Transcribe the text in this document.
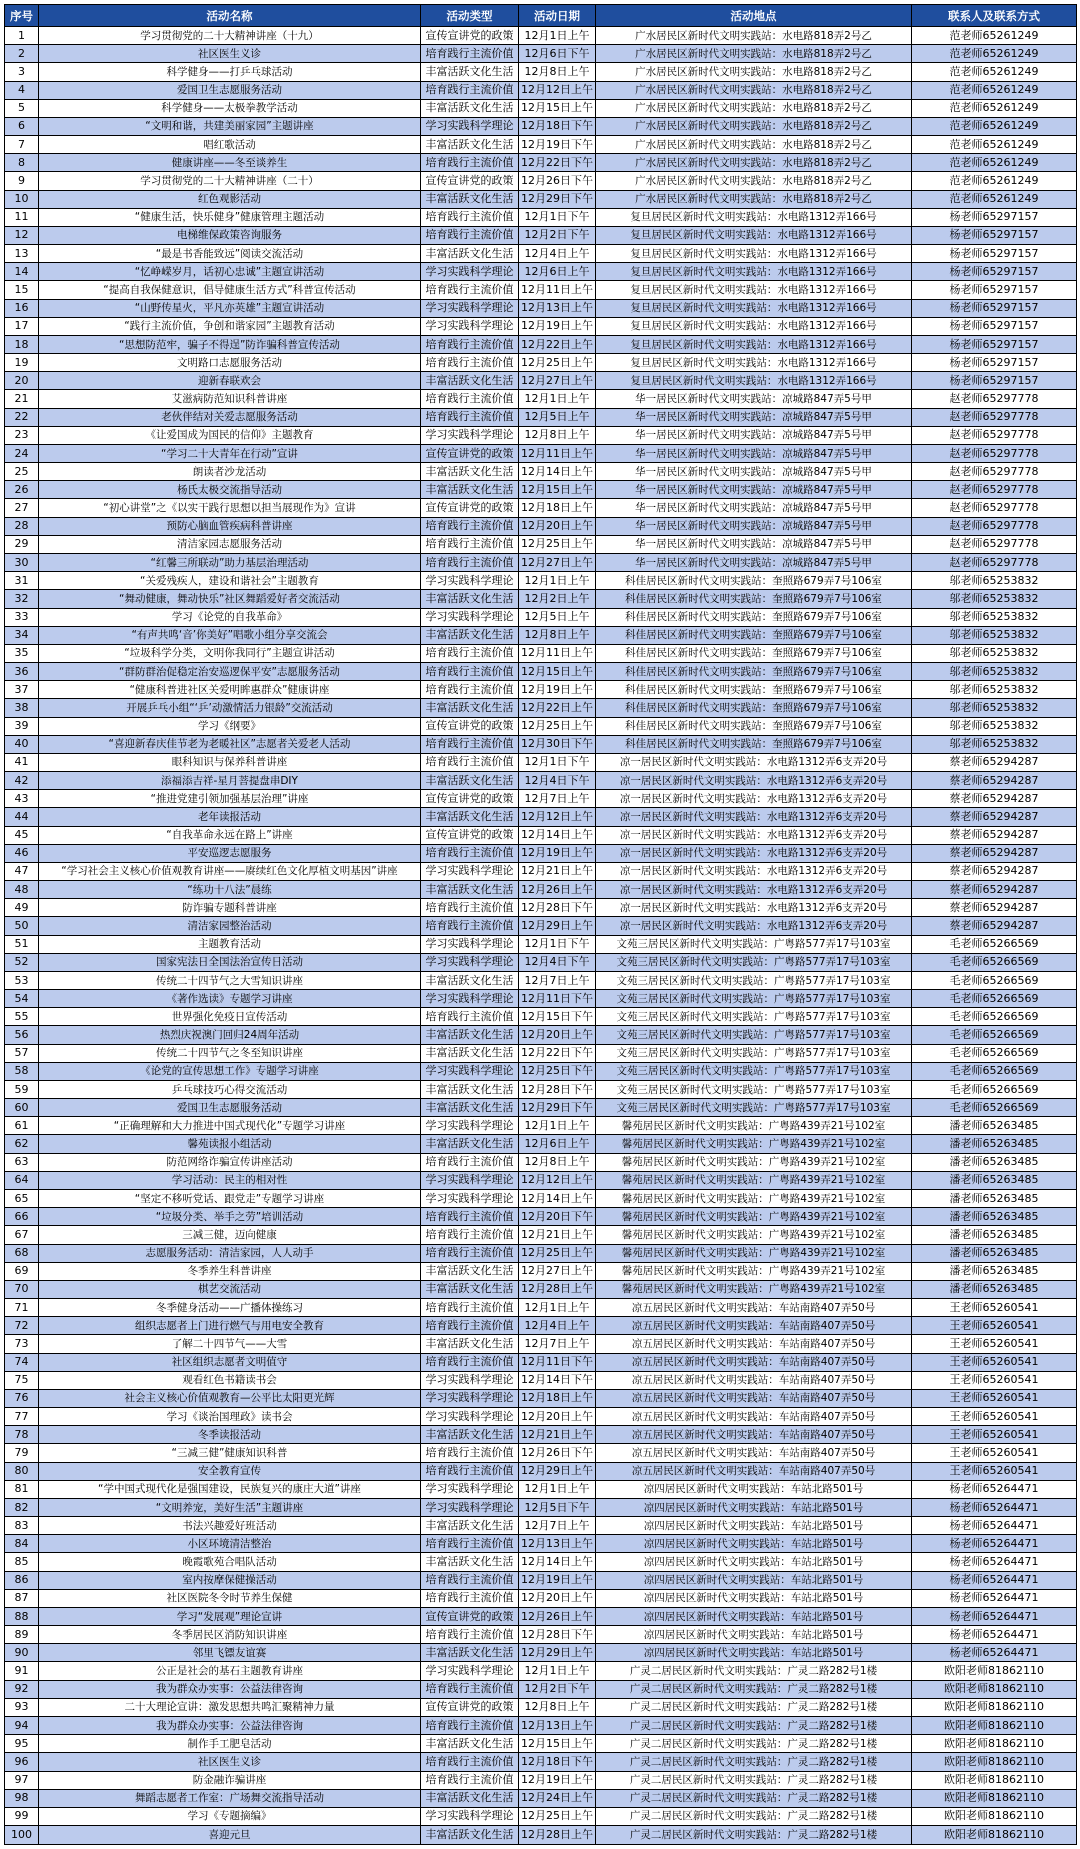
序号	活动名称	活动类型	活动日期	活动地点	联系人及联系方式
1	学习贯彻党的二十大精神讲座（十九）	宣传宣讲党的政策	12月1日上午	广水居民区新时代文明实践站：水电路818弄2号乙	范老师65261249
2	社区医生义诊	培育践行主流价值	12月6日下午	广水居民区新时代文明实践站：水电路818弄2号乙	范老师65261249
3	科学健身——打乒乓球活动	丰富活跃文化生活	12月8日上午	广水居民区新时代文明实践站：水电路818弄2号乙	范老师65261249
4	爱国卫生志愿服务活动	培育践行主流价值	12月12日上午	广水居民区新时代文明实践站：水电路818弄2号乙	范老师65261249
5	科学健身——太极拳教学活动	丰富活跃文化生活	12月15日上午	广水居民区新时代文明实践站：水电路818弄2号乙	范老师65261249
6	“文明和谐，共建美丽家园”主题讲座	学习实践科学理论	12月18日下午	广水居民区新时代文明实践站：水电路818弄2号乙	范老师65261249
7	唱红歌活动	丰富活跃文化生活	12月19日下午	广水居民区新时代文明实践站：水电路818弄2号乙	范老师65261249
8	健康讲座——冬至谈养生	培育践行主流价值	12月22日下午	广水居民区新时代文明实践站：水电路818弄2号乙	范老师65261249
9	学习贯彻党的二十大精神讲座（二十）	宣传宣讲党的政策	12月26日下午	广水居民区新时代文明实践站：水电路818弄2号乙	范老师65261249
10	红色观影活动	丰富活跃文化生活	12月29日下午	广水居民区新时代文明实践站：水电路818弄2号乙	范老师65261249
11	“健康生活，快乐健身”健康管理主题活动	培育践行主流价值	12月1日下午	复旦居民区新时代文明实践站：水电路1312弄166号	杨老师65297157
12	电梯维保政策咨询服务	培育践行主流价值	12月2日下午	复旦居民区新时代文明实践站：水电路1312弄166号	杨老师65297157
13	“最是书香能致远”阅读交流活动	丰富活跃文化生活	12月4日上午	复旦居民区新时代文明实践站：水电路1312弄166号	杨老师65297157
14	“忆峥嵘岁月，话初心忠诚”主题宣讲活动	学习实践科学理论	12月6日上午	复旦居民区新时代文明实践站：水电路1312弄166号	杨老师65297157
15	“提高自我保健意识，倡导健康生活方式”科普宣传活动	培育践行主流价值	12月11日上午	复旦居民区新时代文明实践站：水电路1312弄166号	杨老师65297157
16	“山野传星火，平凡亦英雄”主题宣讲活动	学习实践科学理论	12月13日上午	复旦居民区新时代文明实践站：水电路1312弄166号	杨老师65297157
17	“践行主流价值，争创和谐家园”主题教育活动	学习实践科学理论	12月19日上午	复旦居民区新时代文明实践站：水电路1312弄166号	杨老师65297157
18	“思想防范牢，骗子不得逞”防诈骗科普宣传活动	培育践行主流价值	12月22日上午	复旦居民区新时代文明实践站：水电路1312弄166号	杨老师65297157
19	文明路口志愿服务活动	培育践行主流价值	12月25日上午	复旦居民区新时代文明实践站：水电路1312弄166号	杨老师65297157
20	迎新春联欢会	丰富活跃文化生活	12月27日上午	复旦居民区新时代文明实践站：水电路1312弄166号	杨老师65297157
21	艾滋病防范知识科普讲座	培育践行主流价值	12月1日上午	华一居民区新时代文明实践站：凉城路847弄5号甲	赵老师65297778
22	老伙伴结对关爱志愿服务活动	培育践行主流价值	12月5日上午	华一居民区新时代文明实践站：凉城路847弄5号甲	赵老师65297778
23	《让爱国成为国民的信仰》主题教育	学习实践科学理论	12月8日上午	华一居民区新时代文明实践站：凉城路847弄5号甲	赵老师65297778
24	“学习二十大青年在行动”宣讲	宣传宣讲党的政策	12月11日上午	华一居民区新时代文明实践站：凉城路847弄5号甲	赵老师65297778
25	朗读者沙龙活动	丰富活跃文化生活	12月14日上午	华一居民区新时代文明实践站：凉城路847弄5号甲	赵老师65297778
26	杨氏太极交流指导活动	丰富活跃文化生活	12月15日上午	华一居民区新时代文明实践站：凉城路847弄5号甲	赵老师65297778
27	“初心讲堂”之《以实干践行思想以担当展现作为》宣讲	宣传宣讲党的政策	12月18日上午	华一居民区新时代文明实践站：凉城路847弄5号甲	赵老师65297778
28	预防心脑血管疾病科普讲座	培育践行主流价值	12月20日上午	华一居民区新时代文明实践站：凉城路847弄5号甲	赵老师65297778
29	清洁家园志愿服务活动	培育践行主流价值	12月25日上午	华一居民区新时代文明实践站：凉城路847弄5号甲	赵老师65297778
30	“红馨三所联动”助力基层治理活动	培育践行主流价值	12月27日上午	华一居民区新时代文明实践站：凉城路847弄5号甲	赵老师65297778
31	“关爱残疾人，建设和谐社会”主题教育	学习实践科学理论	12月1日上午	科佳居民区新时代文明实践站：奎照路679弄7号106室	邬老师65253832
32	“舞动健康，舞动快乐”社区舞蹈爱好者交流活动	丰富活跃文化生活	12月2日上午	科佳居民区新时代文明实践站：奎照路679弄7号106室	邬老师65253832
33	学习《论党的自我革命》	学习实践科学理论	12月5日上午	科佳居民区新时代文明实践站：奎照路679弄7号106室	邬老师65253832
34	“有声共鸣‘音’你美好”唱歌小组分享交流会	丰富活跃文化生活	12月8日上午	科佳居民区新时代文明实践站：奎照路679弄7号106室	邬老师65253832
35	“垃圾科学分类，文明你我同行”主题宣讲活动	培育践行主流价值	12月11日上午	科佳居民区新时代文明实践站：奎照路679弄7号106室	邬老师65253832
36	“群防群治促稳定治安巡逻保平安”志愿服务活动	培育践行主流价值	12月15日上午	科佳居民区新时代文明实践站：奎照路679弄7号106室	邬老师65253832
37	“健康科普进社区关爱明眸惠群众”健康讲座	培育践行主流价值	12月19日上午	科佳居民区新时代文明实践站：奎照路679弄7号106室	邬老师65253832
38	开展乒乓小组“‘乒’动激情活力银龄”交流活动	丰富活跃文化生活	12月22日上午	科佳居民区新时代文明实践站：奎照路679弄7号106室	邬老师65253832
39	学习《纲要》	宣传宣讲党的政策	12月25日上午	科佳居民区新时代文明实践站：奎照路679弄7号106室	邬老师65253832
40	“喜迎新春庆佳节老为老暖社区”志愿者关爱老人活动	培育践行主流价值	12月30日下午	科佳居民区新时代文明实践站：奎照路679弄7号106室	邬老师65253832
41	眼科知识与保养科普讲座	培育践行主流价值	12月1日下午	凉一居民区新时代文明实践站：水电路1312弄6支弄20号	蔡老师65294287
42	添福添吉祥-星月菩提盘串DIY	丰富活跃文化生活	12月4日下午	凉一居民区新时代文明实践站：水电路1312弄6支弄20号	蔡老师65294287
43	“推进党建引领加强基层治理”讲座	宣传宣讲党的政策	12月7日上午	凉一居民区新时代文明实践站：水电路1312弄6支弄20号	蔡老师65294287
44	老年读报活动	丰富活跃文化生活	12月12日上午	凉一居民区新时代文明实践站：水电路1312弄6支弄20号	蔡老师65294287
45	“自我革命永远在路上”讲座	宣传宣讲党的政策	12月14日上午	凉一居民区新时代文明实践站：水电路1312弄6支弄20号	蔡老师65294287
46	平安巡逻志愿服务	培育践行主流价值	12月19日上午	凉一居民区新时代文明实践站：水电路1312弄6支弄20号	蔡老师65294287
47	“学习社会主义核心价值观教育讲座——赓续红色文化厚植文明基因”讲座	学习实践科学理论	12月21日上午	凉一居民区新时代文明实践站：水电路1312弄6支弄20号	蔡老师65294287
48	“练功十八法”晨练	丰富活跃文化生活	12月26日上午	凉一居民区新时代文明实践站：水电路1312弄6支弄20号	蔡老师65294287
49	防诈骗专题科普讲座	培育践行主流价值	12月28日下午	凉一居民区新时代文明实践站：水电路1312弄6支弄20号	蔡老师65294287
50	清洁家园整治活动	培育践行主流价值	12月29日上午	凉一居民区新时代文明实践站：水电路1312弄6支弄20号	蔡老师65294287
51	主题教育活动	学习实践科学理论	12月1日下午	文苑三居民区新时代文明实践站：广粤路577弄17号103室	毛老师65266569
52	国家宪法日全国法治宣传日活动	学习实践科学理论	12月4日下午	文苑三居民区新时代文明实践站：广粤路577弄17号103室	毛老师65266569
53	传统二十四节气之大雪知识讲座	丰富活跃文化生活	12月7日上午	文苑三居民区新时代文明实践站：广粤路577弄17号103室	毛老师65266569
54	《著作选读》专题学习讲座	学习实践科学理论	12月11日下午	文苑三居民区新时代文明实践站：广粤路577弄17号103室	毛老师65266569
55	世界强化免疫日宣传活动	培育践行主流价值	12月15日下午	文苑三居民区新时代文明实践站：广粤路577弄17号103室	毛老师65266569
56	热烈庆祝澳门回归24周年活动	丰富活跃文化生活	12月20日上午	文苑三居民区新时代文明实践站：广粤路577弄17号103室	毛老师65266569
57	传统二十四节气之冬至知识讲座	丰富活跃文化生活	12月22日下午	文苑三居民区新时代文明实践站：广粤路577弄17号103室	毛老师65266569
58	《论党的宣传思想工作》专题学习讲座	学习实践科学理论	12月25日下午	文苑三居民区新时代文明实践站：广粤路577弄17号103室	毛老师65266569
59	乒乓球技巧心得交流活动	丰富活跃文化生活	12月28日下午	文苑三居民区新时代文明实践站：广粤路577弄17号103室	毛老师65266569
60	爱国卫生志愿服务活动	丰富活跃文化生活	12月29日下午	文苑三居民区新时代文明实践站：广粤路577弄17号103室	毛老师65266569
61	“正确理解和大力推进中国式现代化”专题学习讲座	学习实践科学理论	12月1日上午	馨苑居民区新时代文明实践站：广粤路439弄21号102室	潘老师65263485
62	馨苑读报小组活动	丰富活跃文化生活	12月6日上午	馨苑居民区新时代文明实践站：广粤路439弄21号102室	潘老师65263485
63	防范网络诈骗宣传讲座活动	培育践行主流价值	12月8日上午	馨苑居民区新时代文明实践站：广粤路439弄21号102室	潘老师65263485
64	学习活动：民主的相对性	学习实践科学理论	12月12日上午	馨苑居民区新时代文明实践站：广粤路439弄21号102室	潘老师65263485
65	“坚定不移听党话、跟党走”专题学习讲座	学习实践科学理论	12月14日上午	馨苑居民区新时代文明实践站：广粤路439弄21号102室	潘老师65263485
66	“垃圾分类、举手之劳”培训活动	培育践行主流价值	12月20日下午	馨苑居民区新时代文明实践站：广粤路439弄21号102室	潘老师65263485
67	三减三健，迈向健康	培育践行主流价值	12月21日上午	馨苑居民区新时代文明实践站：广粤路439弄21号102室	潘老师65263485
68	志愿服务活动：清洁家园，人人动手	培育践行主流价值	12月25日上午	馨苑居民区新时代文明实践站：广粤路439弄21号102室	潘老师65263485
69	冬季养生科普讲座	丰富活跃文化生活	12月27日上午	馨苑居民区新时代文明实践站：广粤路439弄21号102室	潘老师65263485
70	棋艺交流活动	丰富活跃文化生活	12月28日上午	馨苑居民区新时代文明实践站：广粤路439弄21号102室	潘老师65263485
71	冬季健身活动——广播体操练习	培育践行主流价值	12月1日上午	凉五居民区新时代文明实践站：车站南路407弄50号	王老师65260541
72	组织志愿者上门进行燃气与用电安全教育	培育践行主流价值	12月4日上午	凉五居民区新时代文明实践站：车站南路407弄50号	王老师65260541
73	了解二十四节气——大雪	丰富活跃文化生活	12月7日上午	凉五居民区新时代文明实践站：车站南路407弄50号	王老师65260541
74	社区组织志愿者文明值守	培育践行主流价值	12月11日下午	凉五居民区新时代文明实践站：车站南路407弄50号	王老师65260541
75	观看红色书籍读书会	学习实践科学理论	12月14日下午	凉五居民区新时代文明实践站：车站南路407弄50号	王老师65260541
76	社会主义核心价值观教育—公平比太阳更光辉	学习实践科学理论	12月18日上午	凉五居民区新时代文明实践站：车站南路407弄50号	王老师65260541
77	学习《谈治国理政》读书会	学习实践科学理论	12月20日上午	凉五居民区新时代文明实践站：车站南路407弄50号	王老师65260541
78	冬季读报活动	丰富活跃文化生活	12月21日上午	凉五居民区新时代文明实践站：车站南路407弄50号	王老师65260541
79	“三减三健”健康知识科普	培育践行主流价值	12月26日下午	凉五居民区新时代文明实践站：车站南路407弄50号	王老师65260541
80	安全教育宣传	培育践行主流价值	12月29日上午	凉五居民区新时代文明实践站：车站南路407弄50号	王老师65260541
81	“学中国式现代化是强国建设，民族复兴的康庄大道”讲座	学习实践科学理论	12月1日上午	凉四居民区新时代文明实践站：车站北路501号	杨老师65264471
82	“文明养宠，美好生活”主题讲座	学习实践科学理论	12月5日下午	凉四居民区新时代文明实践站：车站北路501号	杨老师65264471
83	书法兴趣爱好班活动	丰富活跃文化生活	12月7日上午	凉四居民区新时代文明实践站：车站北路501号	杨老师65264471
84	小区环境清洁整治	培育践行主流价值	12月13日上午	凉四居民区新时代文明实践站：车站北路501号	杨老师65264471
85	晚霞歌苑合唱队活动	丰富活跃文化生活	12月14日上午	凉四居民区新时代文明实践站：车站北路501号	杨老师65264471
86	室内按摩保健操活动	培育践行主流价值	12月19日上午	凉四居民区新时代文明实践站：车站北路501号	杨老师65264471
87	社区医院冬令时节养生保健	培育践行主流价值	12月20日上午	凉四居民区新时代文明实践站：车站北路501号	杨老师65264471
88	学习“发展观”理论宣讲	宣传宣讲党的政策	12月26日上午	凉四居民区新时代文明实践站：车站北路501号	杨老师65264471
89	冬季居民区消防知识讲座	培育践行主流价值	12月28日下午	凉四居民区新时代文明实践站：车站北路501号	杨老师65264471
90	邻里飞镖友谊赛	丰富活跃文化生活	12月29日上午	凉四居民区新时代文明实践站：车站北路501号	杨老师65264471
91	公正是社会的基石主题教育讲座	学习实践科学理论	12月1日上午	广灵二居民区新时代文明实践站：广灵二路282号1楼	欧阳老师81862110
92	我为群众办实事：公益法律咨询	培育践行主流价值	12月2日下午	广灵二居民区新时代文明实践站：广灵二路282号1楼	欧阳老师81862110
93	二十大理论宣讲：激发思想共鸣汇聚精神力量	宣传宣讲党的政策	12月8日上午	广灵二居民区新时代文明实践站：广灵二路282号1楼	欧阳老师81862110
94	我为群众办实事：公益法律咨询	培育践行主流价值	12月13日上午	广灵二居民区新时代文明实践站：广灵二路282号1楼	欧阳老师81862110
95	制作手工肥皂活动	丰富活跃文化生活	12月15日上午	广灵二居民区新时代文明实践站：广灵二路282号1楼	欧阳老师81862110
96	社区医生义诊	培育践行主流价值	12月18日下午	广灵二居民区新时代文明实践站：广灵二路282号1楼	欧阳老师81862110
97	防金融诈骗讲座	培育践行主流价值	12月19日上午	广灵二居民区新时代文明实践站：广灵二路282号1楼	欧阳老师81862110
98	舞蹈志愿者工作室：广场舞交流指导活动	丰富活跃文化生活	12月24日上午	广灵二居民区新时代文明实践站：广灵二路282号1楼	欧阳老师81862110
99	学习《专题摘编》	学习实践科学理论	12月25日上午	广灵二居民区新时代文明实践站：广灵二路282号1楼	欧阳老师81862110
100	喜迎元旦	丰富活跃文化生活	12月28日上午	广灵二居民区新时代文明实践站：广灵二路282号1楼	欧阳老师81862110
